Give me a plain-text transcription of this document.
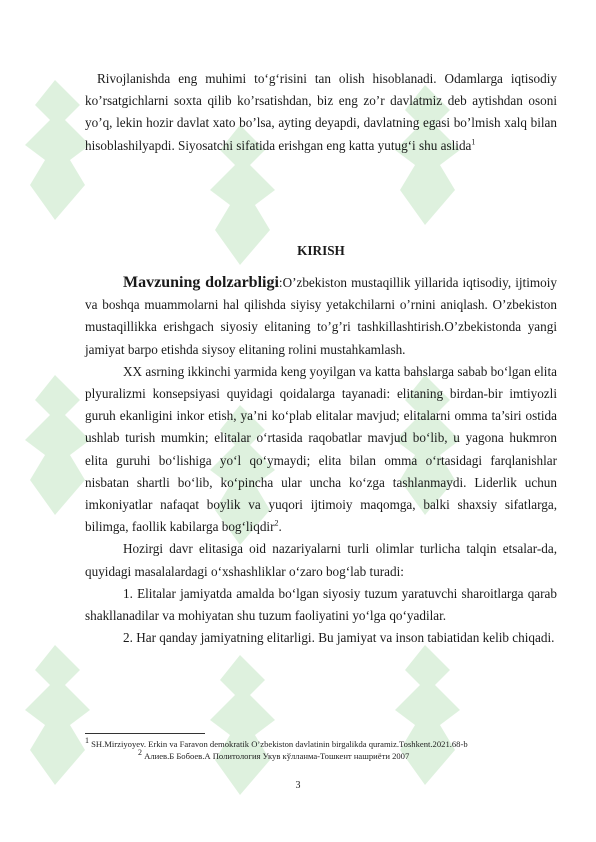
Rivojlanishda eng muhimi to‘g‘risini tan olish hisoblanadi. Odamlarga iqtisodiy ko’rsatgichlarni soxta qilib ko’rsatishdan, biz eng zo’r davlatmiz deb aytishdan osoni yo’q, lekin hozir davlat xato bo’lsa, ayting deyapdi, davlatning egasi bo’lmish xalq bilan hisoblashilyapdi. Siyosatchi sifatida erishgan eng katta yutug‘i shu aslida$^1$

KIRISH

Mavzuning dolzarbligi:O’zbekiston mustaqillik yillarida iqtisodiy, ijtimoiy va boshqa muammolarni hal qilishda siyisy yetakchilarni o’rnini aniqlash. O’zbekiston mustaqillikka erishgach siyosiy elitaning to’g’ri tashkillashtirish.O’zbekistonda yangi jamiyat barpo etishda siysoy elitaning rolini mustahkamlash.

XX asrning ikkinchi yarmida keng yoyilgan va katta bahslarga sabab bo‘lgan elita plyuralizmi konsepsiyasi quyidagi qoidalarga tayanadi: elitaning birdan-bir imtiyozli guruh ekanligini inkor etish, ya’ni ko‘plab elitalar mavjud; elitalarni omma ta’siri ostida ushlab turish mumkin; elitalar o‘rtasida raqobatlar mavjud bo‘lib, u yagona hukmron elita guruhi bo‘lishiga yo‘l qo‘ymaydi; elita bilan omma o‘rtasidagi farqlanishlar nisbatan shartli bo‘lib, ko‘pincha ular uncha ko‘zga tashlanmaydi. Liderlik uchun imkoniyatlar nafaqat boylik va yuqori ijtimoiy maqomga, balki shaxsiy sifatlarga, bilimga, faollik kabilarga bog‘liqdir$^2$.

Hozirgi davr elitasiga oid nazariyalarni turli olimlar turlicha talqin etsalar-da, quyidagi masalalardagi o‘xshashliklar o‘zaro bog‘lab turadi:

1. Elitalar jamiyatda amalda bo‘lgan siyosiy tuzum yaratuvchi sharoitlarga qarab shakllanadilar va mohiyatan shu tuzum faoliyatini yo‘lga qo‘yadilar.

2. Har qanday jamiyatning elitarligi. Bu jamiyat va inson tabiatidan kelib chiqadi.

$^1$ SH.Mirziyoyev. Erkin va Faravon demokratik O’zbekiston davlatinin birgalikda quramiz.Toshkent.2021.68-b
$^2$ Алиев.Б Бобоев.А Политология Укув кўлланма-Тошкент нашриёти 2007
3
